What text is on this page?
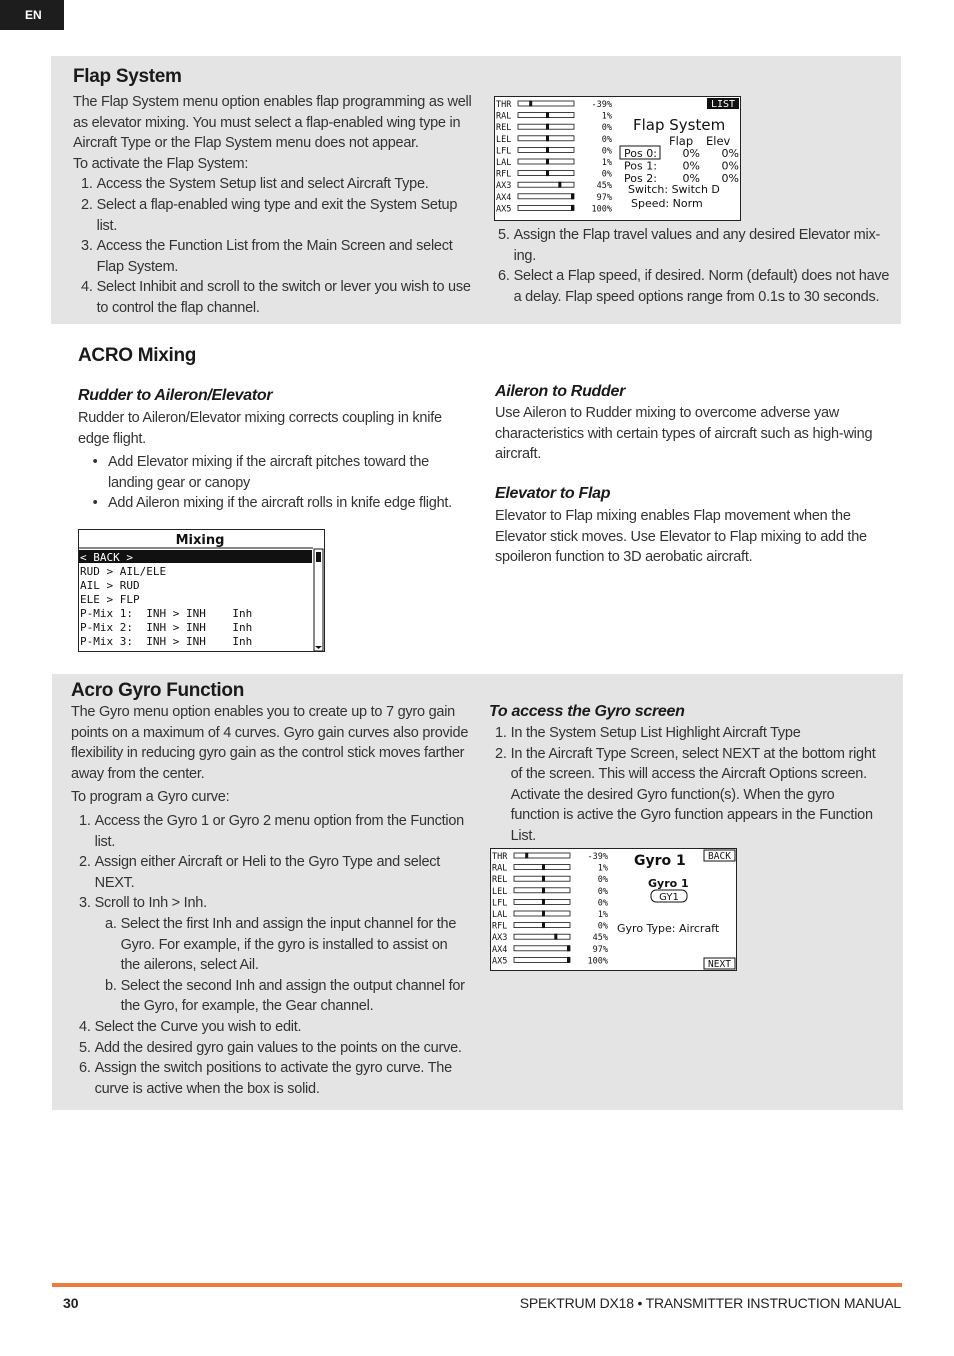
EN
Flap System

The Flap System menu option enables flap programming as well as elevator mixing. You must select a flap-enabled wing type in Aircraft Type or the Flap System menu does not appear.

To activate the Flap System:

1. Access the System Setup list and select Aircraft Type.
2. Select a flap-enabled wing type and exit the System Setup list.
3. Access the Function List from the Main Screen and select Flap System.
4. Select Inhibit and scroll to the switch or lever you wish to use to control the flap channel.
THR	-39%
RAL	1%
REL	0%
LEL	0%
LFL	0%
LAL	1%
RFL	0%
AX3	45%
AX4	97%
AX5	100%
LIST
Flap System
Flap Elev
Pos 0: 0% 0%
Pos 1: 0% 0%
Pos 2: 0% 0%
Switch: Switch D
Speed: Norm
5. Assign the Flap travel values and any desired Elevator mix-ing.
6. Select a Flap speed, if desired. Norm (default) does not have a delay. Flap speed options range from 0.1s to 30 seconds.
ACRO Mixing
Rudder to Aileron/Elevator

Rudder to Aileron/Elevator mixing corrects coupling in knife edge flight.

• Add Elevator mixing if the aircraft pitches toward the landing gear or canopy
• Add Aileron mixing if the aircraft rolls in knife edge flight.
Mixing
< BACK >
RUD > AIL/ELE
AIL > RUD
ELE > FLP
P-Mix 1:  INH > INH    Inh
P-Mix 2:  INH > INH    Inh
P-Mix 3:  INH > INH    Inh
Aileron to Rudder

Use Aileron to Rudder mixing to overcome adverse yaw characteristics with certain types of aircraft such as high-wing aircraft.

Elevator to Flap

Elevator to Flap mixing enables Flap movement when the Elevator stick moves. Use Elevator to Flap mixing to add the spoileron function to 3D aerobatic aircraft.

Acro Gyro Function

The Gyro menu option enables you to create up to 7 gyro gain points on a maximum of 4 curves. Gyro gain curves also provide flexibility in reducing gyro gain as the control stick moves farther away from the center.

To program a Gyro curve:

1. Access the Gyro 1 or Gyro 2 menu option from the Function list.
2. Assign either Aircraft or Heli to the Gyro Type and select NEXT.
3. Scroll to Inh > Inh.
a. Select the first Inh and assign the input channel for the Gyro. For example, if the gyro is installed to assist on the ailerons, select Ail.
b. Select the second Inh and assign the output channel for the Gyro, for example, the Gear channel.
4. Select the Curve you wish to edit.
5. Add the desired gyro gain values to the points on the curve.
6. Assign the switch positions to activate the gyro curve. The curve is active when the box is solid.
To access the Gyro screen
1. In the System Setup List Highlight Aircraft Type
2. In the Aircraft Type Screen, select NEXT at the bottom right of the screen. This will access the Aircraft Options screen. Activate the desired Gyro function(s). When the gyro function is active the Gyro function appears in the Function List.
THR	-39%
RAL	1%
REL	0%
LEL	0%
LFL	0%
LAL	1%
RFL	0%
AX3	45%
AX4	97%
AX5	100%
Gyro 1 BACK
Gyro 1
GY1
Gyro Type: Aircraft
NEXT
30	SPEKTRUM DX18 • TRANSMITTER INSTRUCTION MANUAL
